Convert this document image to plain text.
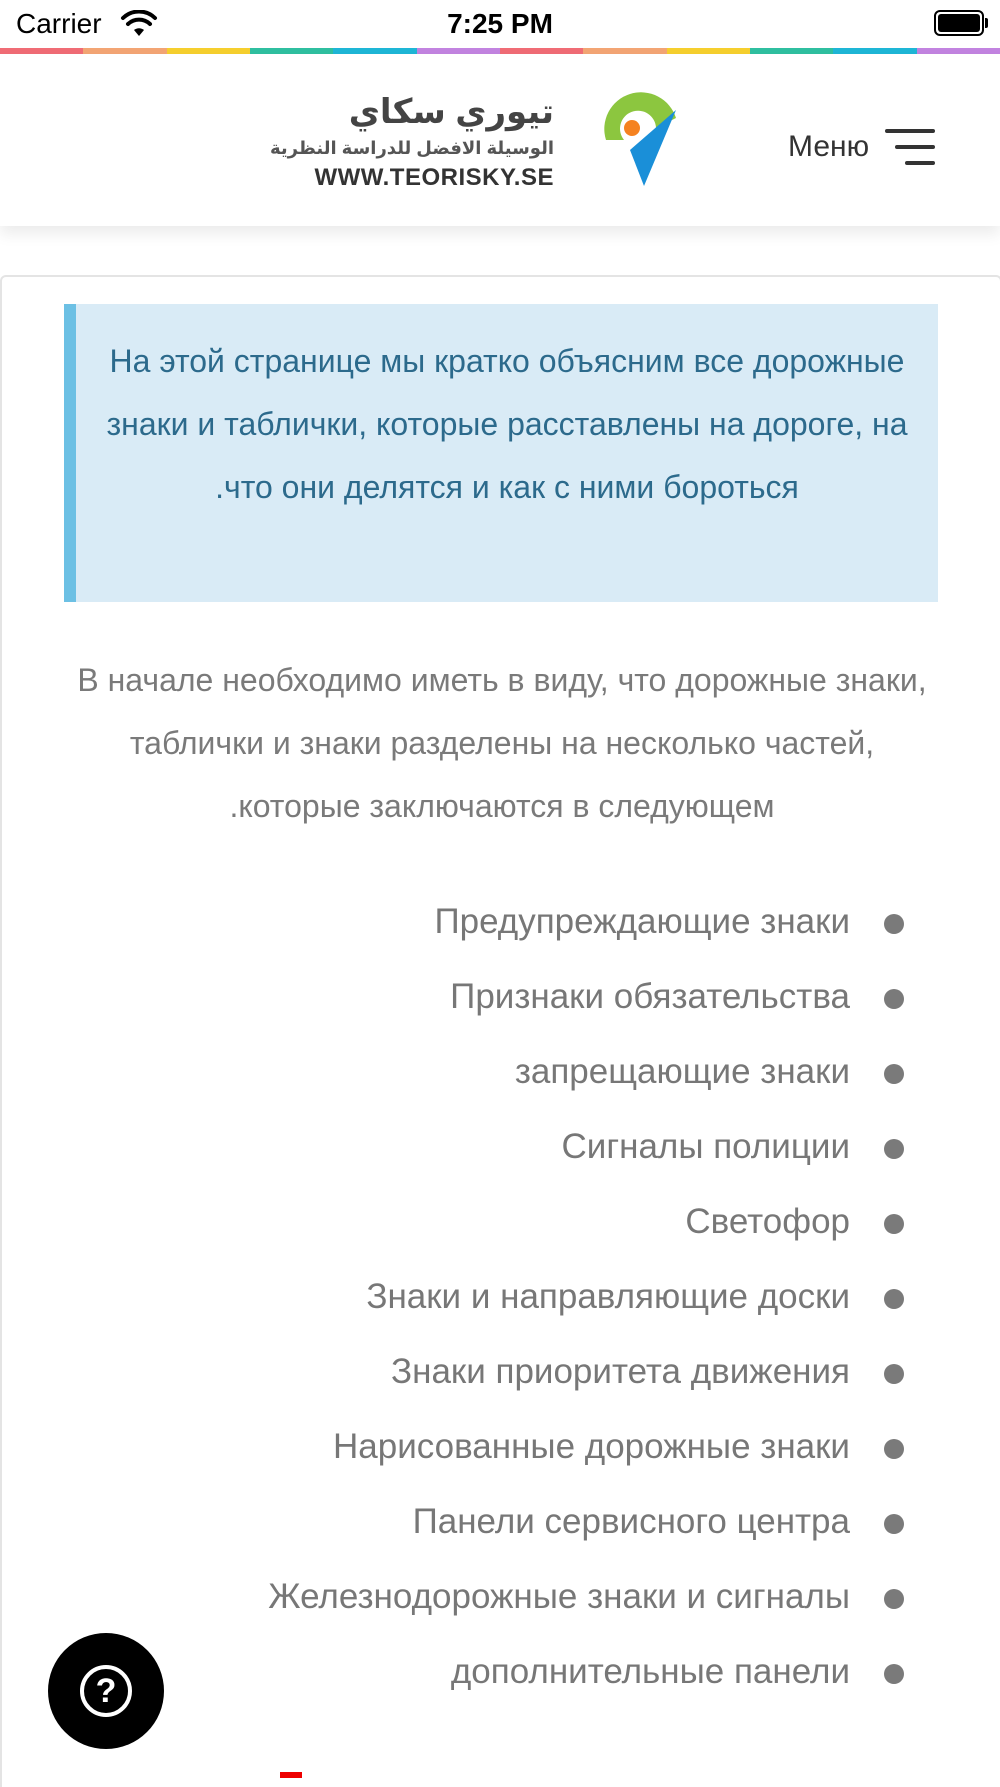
Carrier	7:25 PM
تيوري سكاي
الوسيلة الافضل للدراسة النظرية
WWW.TEORISKY.SE
Меню
На этой странице мы кратко объясним все дорожные знаки и таблички, которые расставлены на дороге, на что они делятся и как с ними бороться.
В начале необходимо иметь в виду, что дорожные знаки, таблички и знаки разделены на несколько частей, которые заключаются в следующем.
Предупреждающие знаки
Признаки обязательства
запрещающие знаки
Сигналы полиции
Светофор
Знаки и направляющие доски
Знаки приоритета движения
Нарисованные дорожные знаки
Панели сервисного центра
Железнодорожные знаки и сигналы
дополнительные панели
?
